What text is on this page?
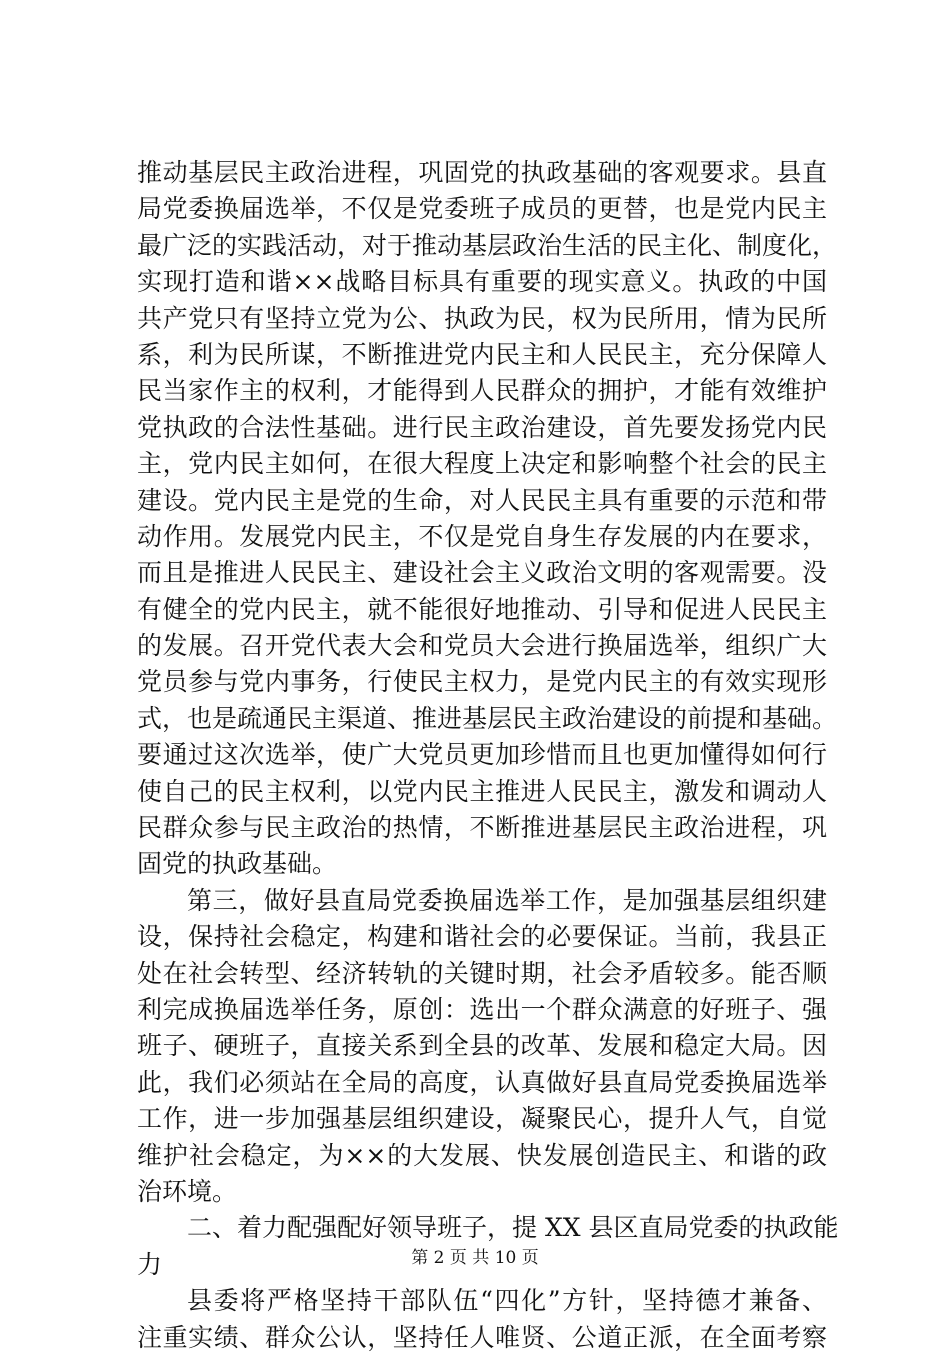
推动基层民主政治进程，巩固党的执政基础的客观要求。县直
局党委换届选举，不仅是党委班子成员的更替，也是党内民主
最广泛的实践活动，对于推动基层政治生活的民主化、制度化，
实现打造和谐××战略目标具有重要的现实意义。执政的中国
共产党只有坚持立党为公、执政为民，权为民所用，情为民所
系，利为民所谋，不断推进党内民主和人民民主，充分保障人
民当家作主的权利，才能得到人民群众的拥护，才能有效维护
党执政的合法性基础。进行民主政治建设，首先要发扬党内民
主，党内民主如何，在很大程度上决定和影响整个社会的民主
建设。党内民主是党的生命，对人民民主具有重要的示范和带
动作用。发展党内民主，不仅是党自身生存发展的内在要求，
而且是推进人民民主、建设社会主义政治文明的客观需要。没
有健全的党内民主，就不能很好地推动、引导和促进人民民主
的发展。召开党代表大会和党员大会进行换届选举，组织广大
党员参与党内事务，行使民主权力，是党内民主的有效实现形
式，也是疏通民主渠道、推进基层民主政治建设的前提和基础。
要通过这次选举，使广大党员更加珍惜而且也更加懂得如何行
使自己的民主权利，以党内民主推进人民民主，激发和调动人
民群众参与民主政治的热情，不断推进基层民主政治进程，巩
固党的执政基础。
第三，做好县直局党委换届选举工作，是加强基层组织建
设，保持社会稳定，构建和谐社会的必要保证。当前，我县正
处在社会转型、经济转轨的关键时期，社会矛盾较多。能否顺
利完成换届选举任务，原创：选出一个群众满意的好班子、强
班子、硬班子，直接关系到全县的改革、发展和稳定大局。因
此，我们必须站在全局的高度，认真做好县直局党委换届选举
工作，进一步加强基层组织建设，凝聚民心，提升人气，自觉
维护社会稳定，为××的大发展、快发展创造民主、和谐的政
治环境。
二、着力配强配好领导班子，提 XX 县区直局党委的执政能
力
县委将严格坚持干部队伍“四化”方针，坚持德才兼备、
注重实绩、群众公认，坚持任人唯贤、公道正派，在全面考察
第 2 页 共 10 页
